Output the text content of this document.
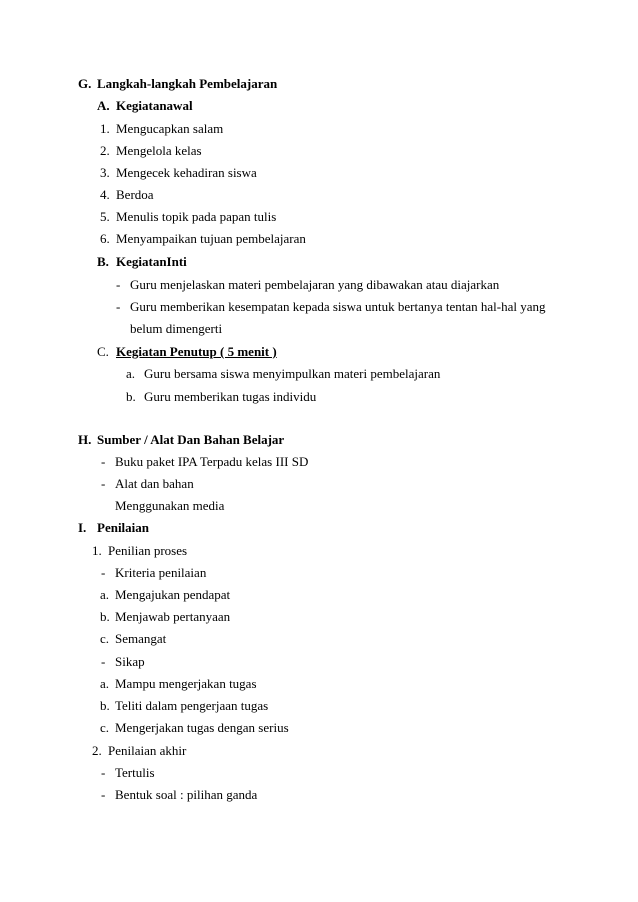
G. Langkah-langkah Pembelajaran
A. Kegiatanawal
1. Mengucapkan salam
2. Mengelola kelas
3. Mengecek kehadiran siswa
4. Berdoa
5. Menulis topik pada papan tulis
6. Menyampaikan tujuan pembelajaran
B. KegiatanInti
- Guru menjelaskan materi pembelajaran yang dibawakan atau diajarkan
- Guru memberikan kesempatan kepada siswa untuk bertanya tentan hal-hal yang
belum dimengerti
C. Kegiatan Penutup ( 5 menit )
a. Guru bersama siswa menyimpulkan materi pembelajaran
b. Guru memberikan tugas individu
H. Sumber / Alat Dan Bahan Belajar
- Buku paket IPA Terpadu kelas III SD
- Alat dan bahan
Menggunakan media
I. Penilaian
1. Penilian proses
- Kriteria penilaian
a. Mengajukan pendapat
b. Menjawab pertanyaan
c. Semangat
- Sikap
a. Mampu mengerjakan tugas
b. Teliti dalam pengerjaan tugas
c. Mengerjakan tugas dengan serius
2. Penilaian akhir
- Tertulis
- Bentuk soal : pilihan ganda
